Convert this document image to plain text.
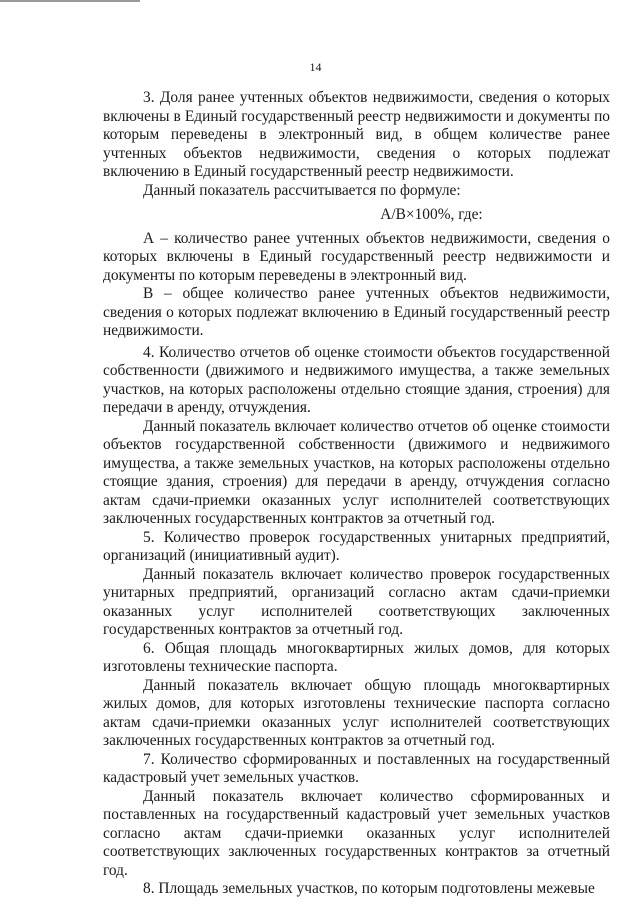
14

3. Доля ранее учтенных объектов недвижимости, сведения о которых включены в Единый государственный реестр недвижимости и документы по которым переведены в электронный вид, в общем количестве ранее учтенных объектов недвижимости, сведения о которых подлежат включению в Единый государственный реестр недвижимости.

Данный показатель рассчитывается по формуле:

А/В×100%, где:

А – количество ранее учтенных объектов недвижимости, сведения о которых включены в Единый государственный реестр недвижимости и документы по которым переведены в электронный вид.

В – общее количество ранее учтенных объектов недвижимости, сведения о которых подлежат включению в Единый государственный реестр недвижимости.

4. Количество отчетов об оценке стоимости объектов государственной собственности (движимого и недвижимого имущества, а также земельных участков, на которых расположены отдельно стоящие здания, строения) для передачи в аренду, отчуждения.

Данный показатель включает количество отчетов об оценке стоимости объектов государственной собственности (движимого и недвижимого имущества, а также земельных участков, на которых расположены отдельно стоящие здания, строения) для передачи в аренду, отчуждения согласно актам сдачи-приемки оказанных услуг исполнителей соответствующих заключенных государственных контрактов за отчетный год.

5. Количество проверок государственных унитарных предприятий, организаций (инициативный аудит).

Данный показатель включает количество проверок государственных унитарных предприятий, организаций согласно актам сдачи-приемки оказанных услуг исполнителей соответствующих заключенных государственных контрактов за отчетный год.

6. Общая площадь многоквартирных жилых домов, для которых изготовлены технические паспорта.

Данный показатель включает общую площадь многоквартирных жилых домов, для которых изготовлены технические паспорта согласно актам сдачи-приемки оказанных услуг исполнителей соответствующих заключенных государственных контрактов за отчетный год.

7. Количество сформированных и поставленных на государственный кадастровый учет земельных участков.

Данный показатель включает количество сформированных и поставленных на государственный кадастровый учет земельных участков согласно актам сдачи-приемки оказанных услуг исполнителей соответствующих заключенных государственных контрактов за отчетный год.

8. Площадь земельных участков, по которым подготовлены межевые
